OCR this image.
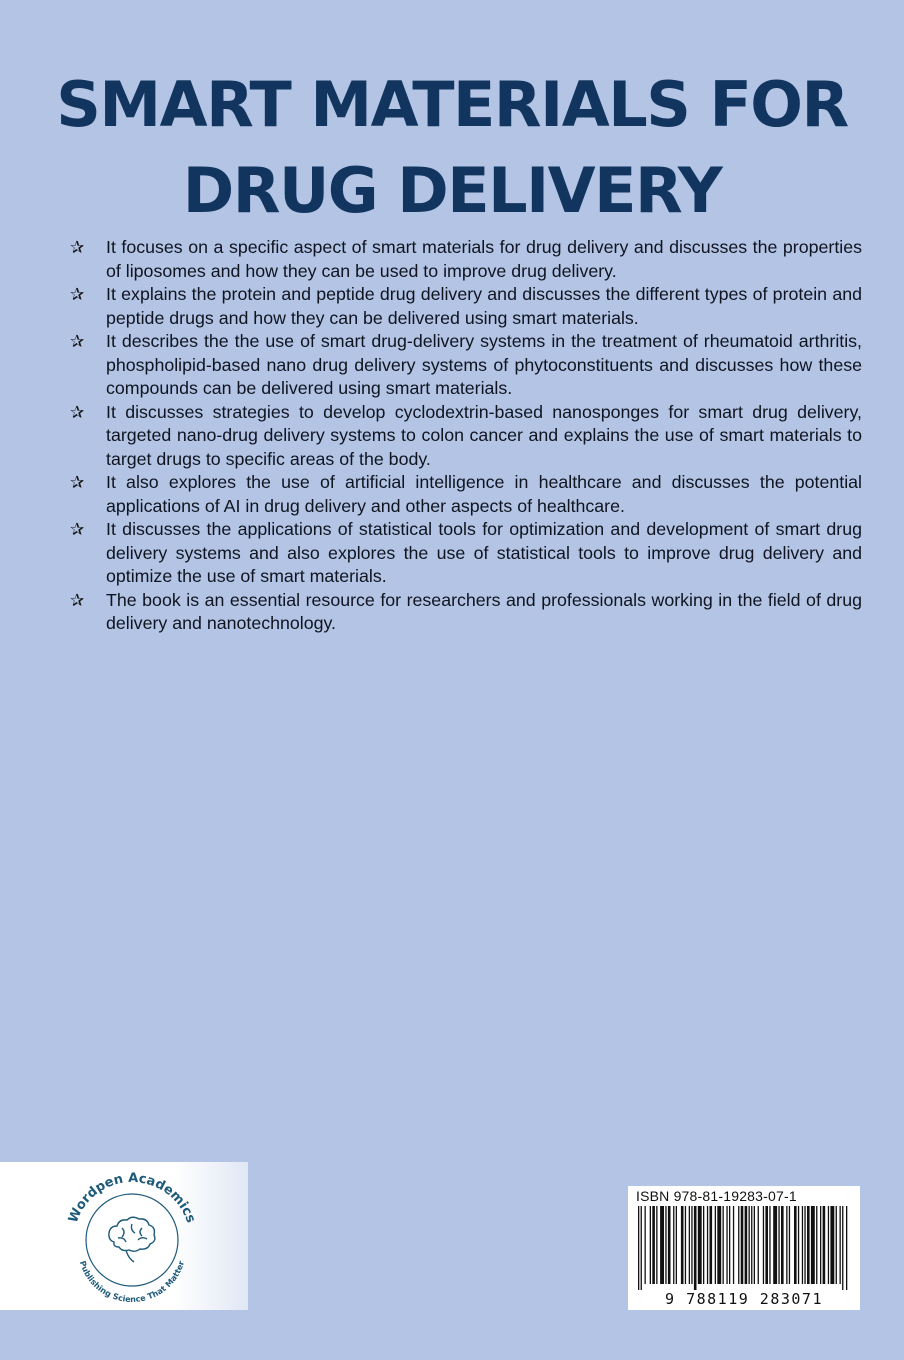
SMART MATERIALS FOR
DRUG DELIVERY
✰ It focuses on a specific aspect of smart materials for drug delivery and discusses the properties of liposomes and how they can be used to improve drug delivery.
✰ It explains the protein and peptide drug delivery and discusses the different types of protein and peptide drugs and how they can be delivered using smart materials.
✰ It describes the the use of smart drug-delivery systems in the treatment of rheumatoid arthritis, phospholipid-based nano drug delivery systems of phytoconstituents and discusses how these compounds can be delivered using smart materials.
✰ It discusses strategies to develop cyclodextrin-based nanosponges for smart drug delivery, targeted nano-drug delivery systems to colon cancer and explains the use of smart materials to target drugs to specific areas of the body.
✰ It also explores the use of artificial intelligence in healthcare and discusses the potential applications of AI in drug delivery and other aspects of healthcare.
✰ It discusses the applications of statistical tools for optimization and development of smart drug delivery systems and also explores the use of statistical tools to improve drug delivery and optimize the use of smart materials.
✰ The book is an essential resource for researchers and professionals working in the field of drug delivery and nanotechnology.
Wordpen Academics
Publishing Science That Matter
ISBN 978-81-19283-07-1
9 788119 283071
